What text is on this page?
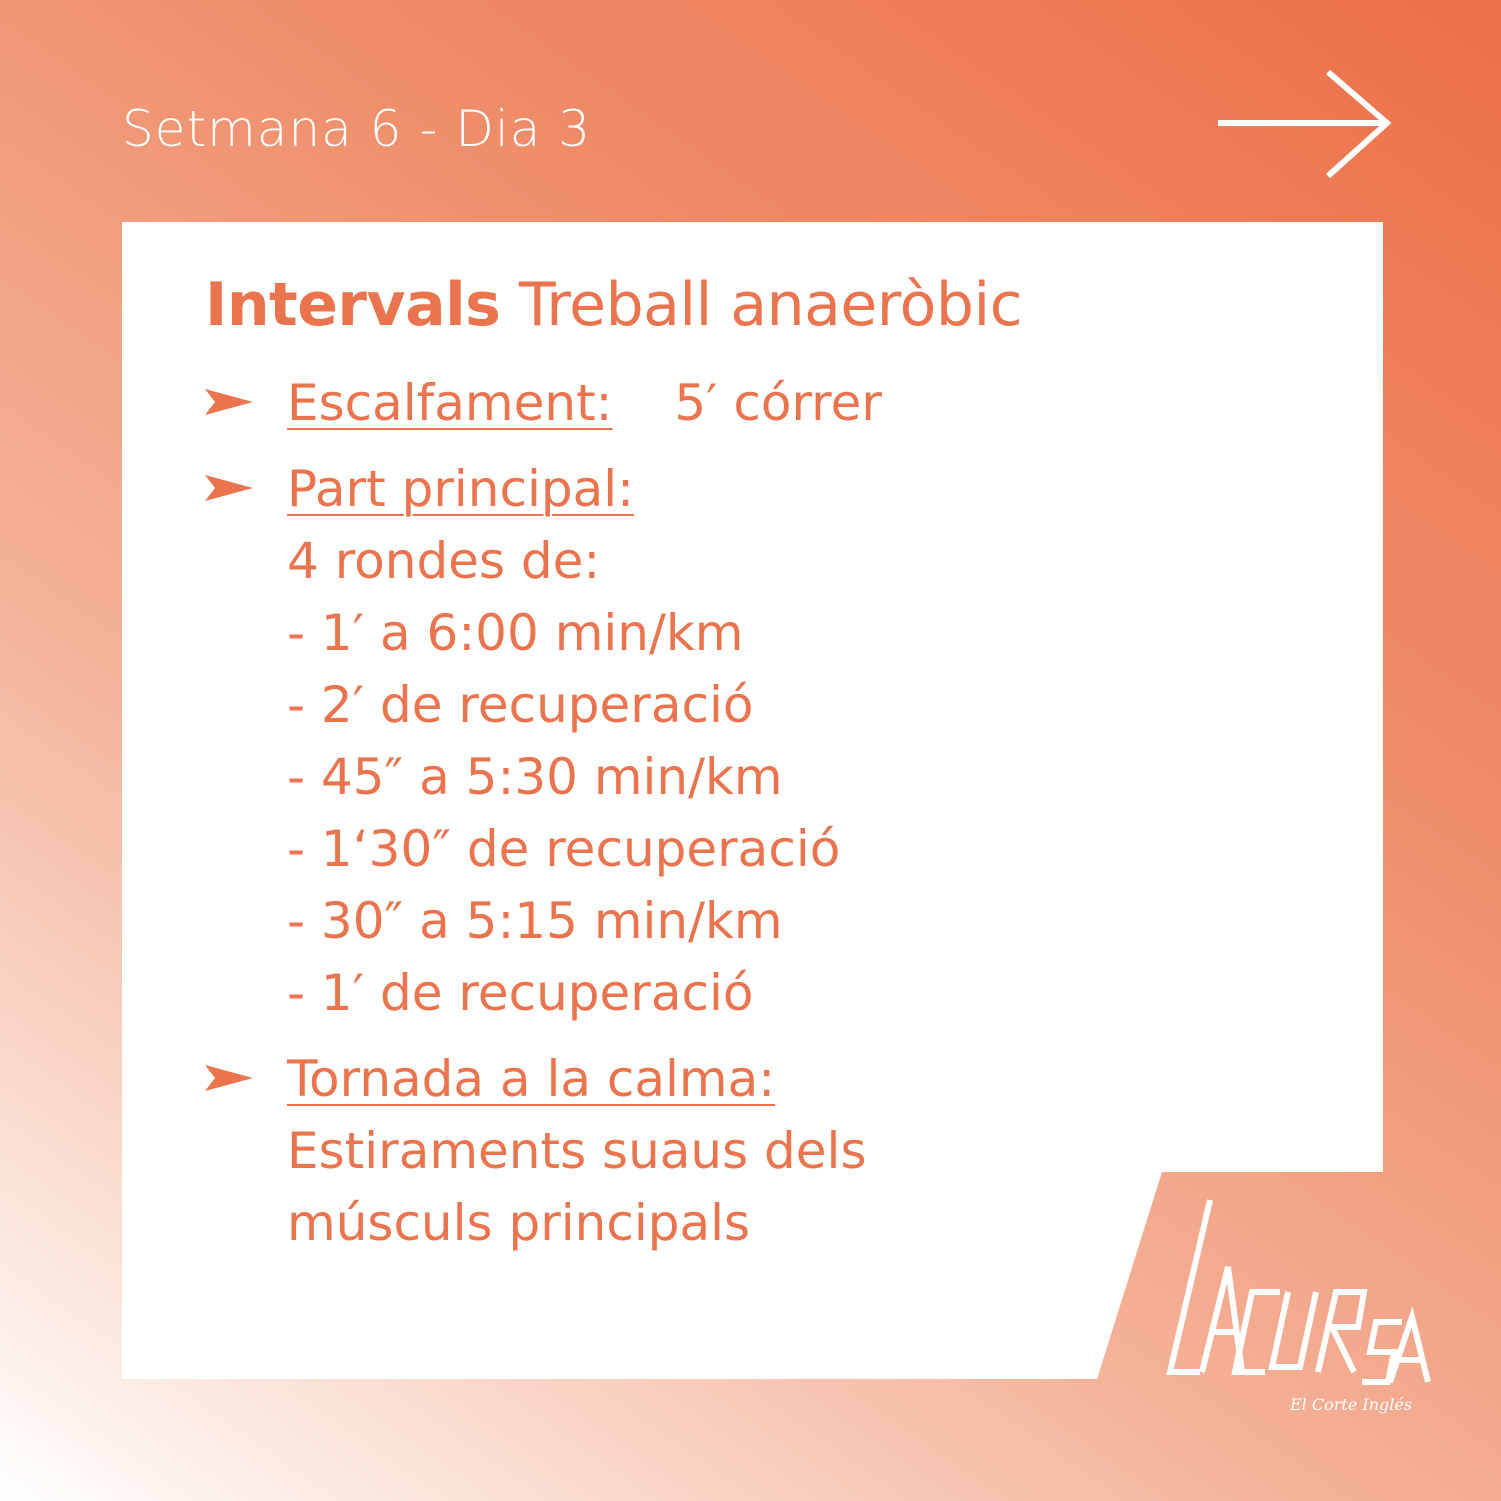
Setmana 6 - Dia 3
Intervals Treball anaeròbic
Escalfament: 5′ córrer
Part principal:
4 rondes de:
- 1′ a 6:00 min/km
- 2′ de recuperació
- 45″ a 5:30 min/km
- 1‘30″ de recuperació
- 30″ a 5:15 min/km
- 1′ de recuperació
Tornada a la calma:
Estiraments suaus dels
músculs principals
El Corte Inglés
